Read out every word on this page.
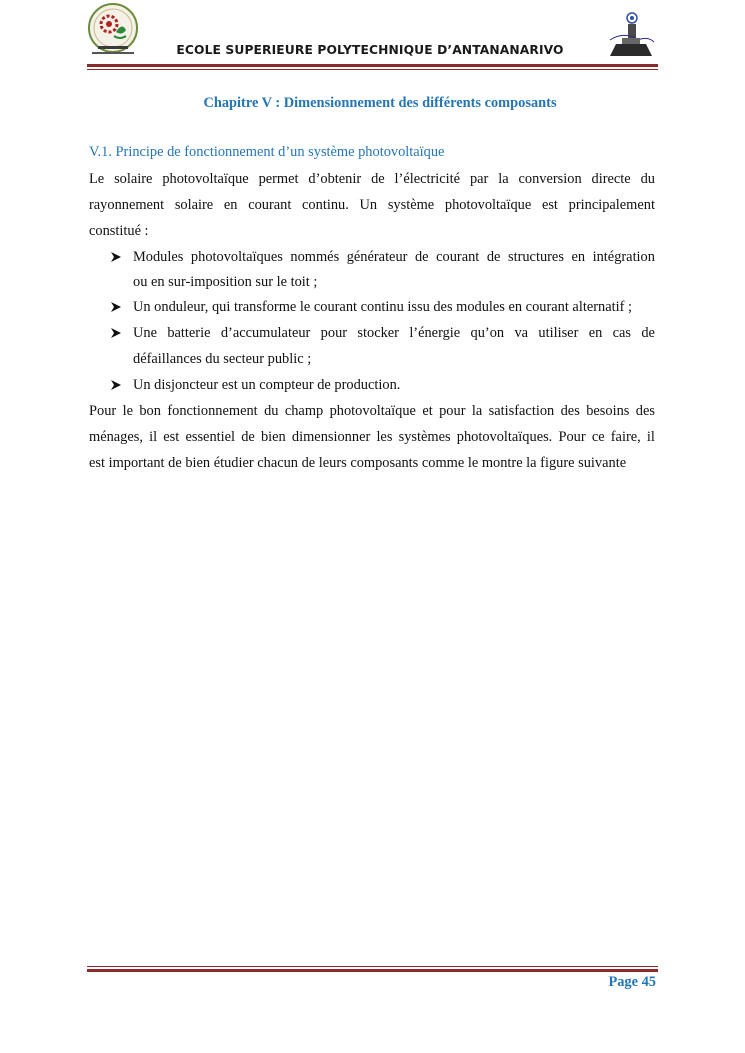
ECOLE SUPERIEURE POLYTECHNIQUE D’ANTANANARIVO
Chapitre V : Dimensionnement des différents composants
V.1. Principe de fonctionnement d’un système photovoltaïque
Le solaire photovoltaïque permet d’obtenir de l’électricité par la conversion directe du
rayonnement solaire en courant continu. Un système photovoltaïque est principalement
constitué :
Modules photovoltaïques nommés générateur de courant de structures en intégration
ou en sur-imposition sur le toit ;
Un onduleur, qui transforme le courant continu issu des modules en courant alternatif ;
Une batterie d’accumulateur pour stocker l’énergie qu’on va utiliser en cas de
défaillances du secteur public ;
Un disjoncteur est un compteur de production.
Pour le bon fonctionnement du champ photovoltaïque et pour la satisfaction des besoins des
ménages, il est essentiel de bien dimensionner les systèmes photovoltaïques. Pour ce faire, il
est important de bien étudier chacun de leurs composants comme le montre la figure suivante
Page 45
